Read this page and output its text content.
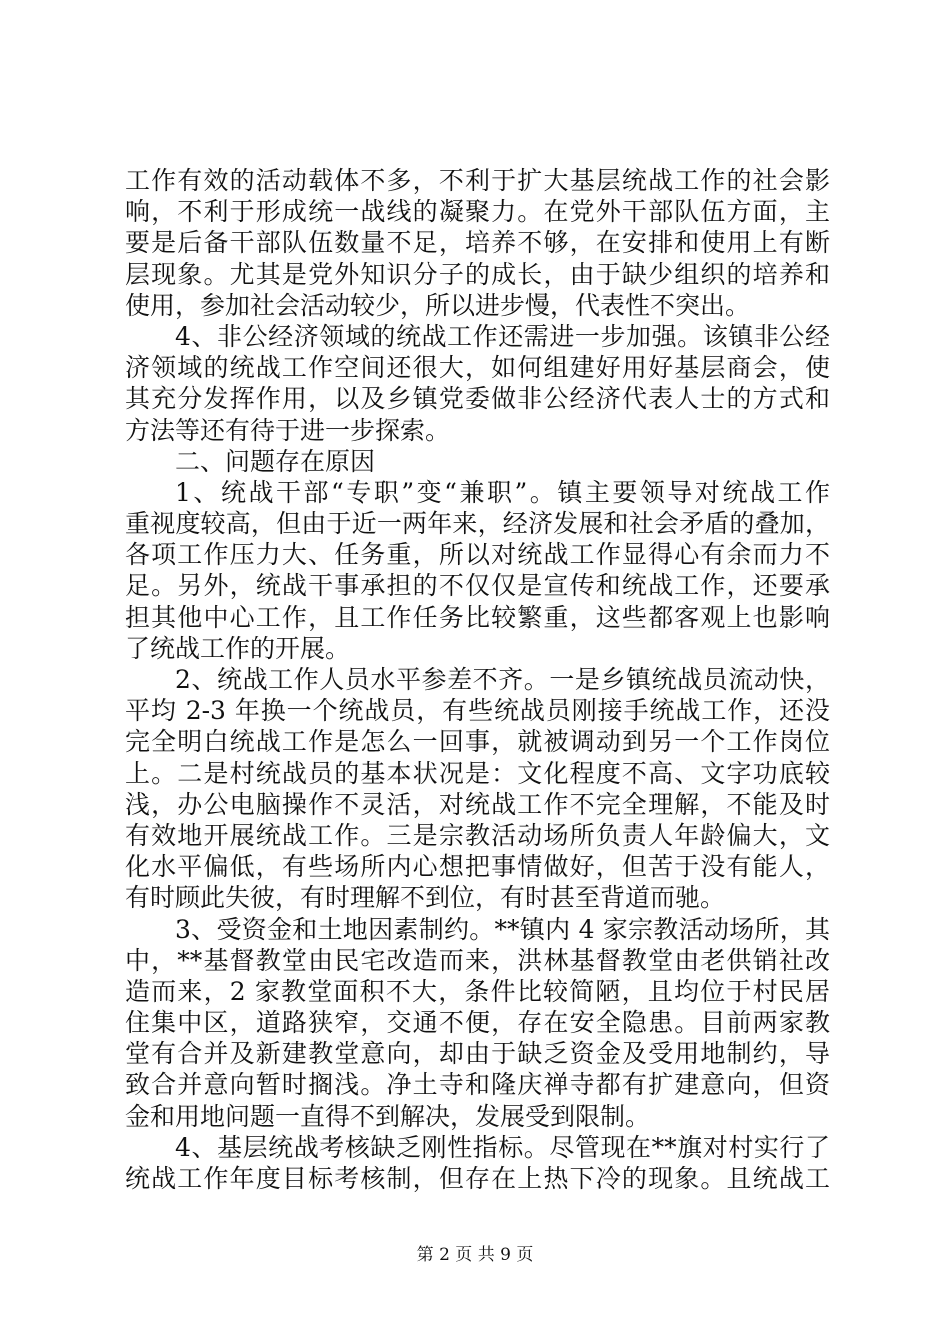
工作有效的活动载体不多，不利于扩大基层统战工作的社会影
响，不利于形成统一战线的凝聚力。在党外干部队伍方面，主
要是后备干部队伍数量不足，培养不够，在安排和使用上有断
层现象。尤其是党外知识分子的成长，由于缺少组织的培养和
使用，参加社会活动较少，所以进步慢，代表性不突出。
4、非公经济领域的统战工作还需进一步加强。该镇非公经
济领域的统战工作空间还很大，如何组建好用好基层商会，使
其充分发挥作用，以及乡镇党委做非公经济代表人士的方式和
方法等还有待于进一步探索。
二、问题存在原因
1、统战干部“专职”变“兼职”。镇主要领导对统战工作
重视度较高，但由于近一两年来，经济发展和社会矛盾的叠加，
各项工作压力大、任务重，所以对统战工作显得心有余而力不
足。另外，统战干事承担的不仅仅是宣传和统战工作，还要承
担其他中心工作，且工作任务比较繁重，这些都客观上也影响
了统战工作的开展。
2、统战工作人员水平参差不齐。一是乡镇统战员流动快，
平均 2-3 年换一个统战员，有些统战员刚接手统战工作，还没
完全明白统战工作是怎么一回事，就被调动到另一个工作岗位
上。二是村统战员的基本状况是：文化程度不高、文字功底较
浅，办公电脑操作不灵活，对统战工作不完全理解，不能及时
有效地开展统战工作。三是宗教活动场所负责人年龄偏大，文
化水平偏低，有些场所内心想把事情做好，但苦于没有能人，
有时顾此失彼，有时理解不到位，有时甚至背道而驰。
3、受资金和土地因素制约。**镇内 4 家宗教活动场所，其
中，**基督教堂由民宅改造而来，洪林基督教堂由老供销社改
造而来，2 家教堂面积不大，条件比较简陋，且均位于村民居
住集中区，道路狭窄，交通不便，存在安全隐患。目前两家教
堂有合并及新建教堂意向，却由于缺乏资金及受用地制约，导
致合并意向暂时搁浅。净土寺和隆庆禅寺都有扩建意向，但资
金和用地问题一直得不到解决，发展受到限制。
4、基层统战考核缺乏刚性指标。尽管现在**旗对村实行了
统战工作年度目标考核制，但存在上热下冷的现象。且统战工
第 2 页 共 9 页
